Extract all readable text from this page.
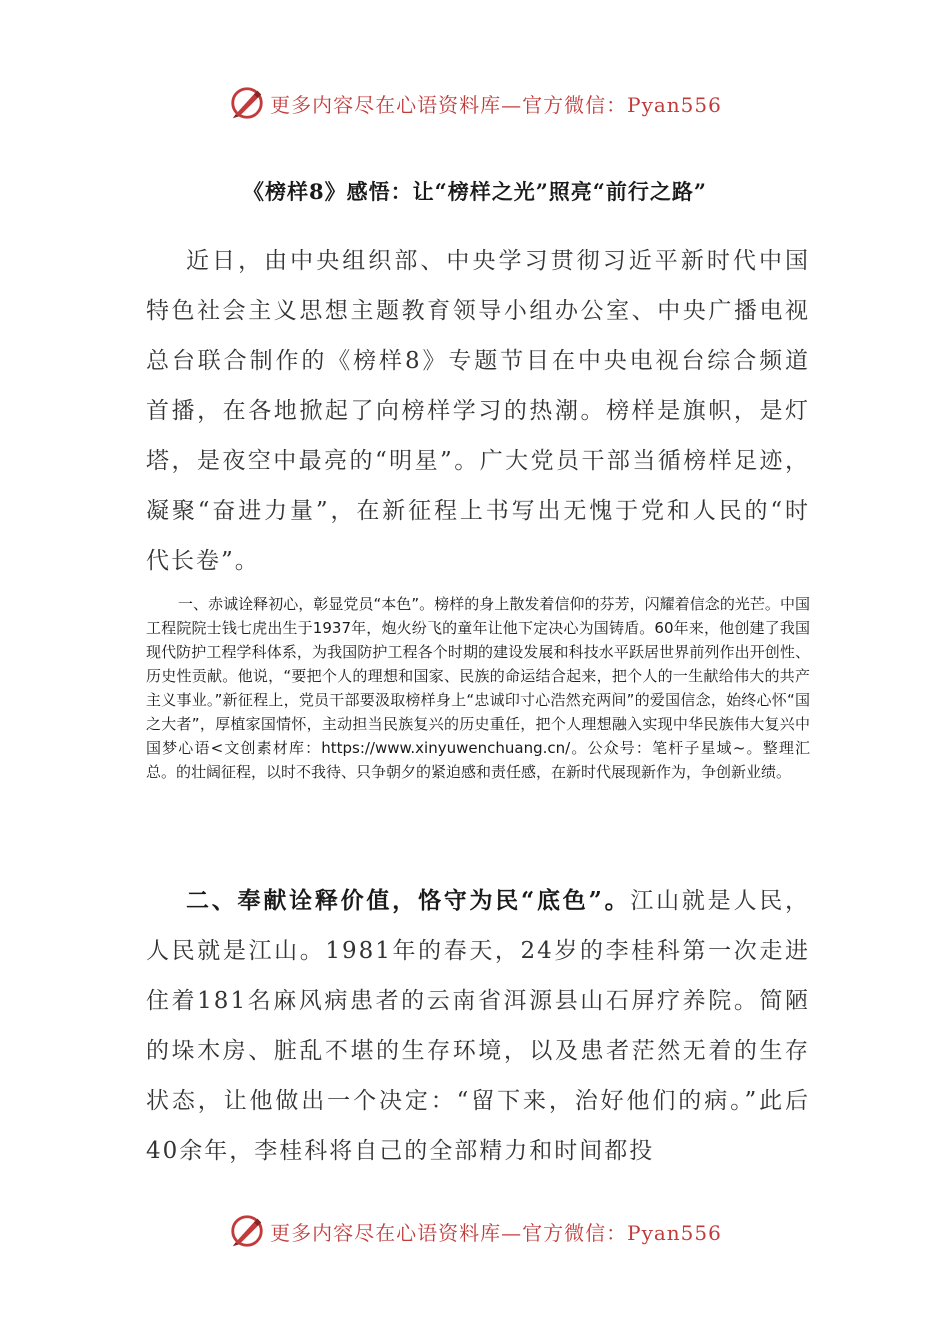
更多内容尽在心语资料库—官方微信：Pyan556
《榜样8》感悟：让“榜样之光”照亮“前行之路”

近日，由中央组织部、中央学习贯彻习近平新时代中国特色社会主义思想主题教育领导小组办公室、中央广播电视总台联合制作的《榜样8》专题节目在中央电视台综合频道首播，在各地掀起了向榜样学习的热潮。榜样是旗帜，是灯塔，是夜空中最亮的“明星”。广大党员干部当循榜样足迹，凝聚“奋进力量”，在新征程上书写出无愧于党和人民的“时代长卷”。

一、赤诚诠释初心，彰显党员“本色”。榜样的身上散发着信仰的芬芳，闪耀着信念的光芒。中国工程院院士钱七虎出生于1937年，炮火纷飞的童年让他下定决心为国铸盾。60年来，他创建了我国现代防护工程学科体系，为我国防护工程各个时期的建设发展和科技水平跃居世界前列作出开创性、历史性贡献。他说，“要把个人的理想和国家、民族的命运结合起来，把个人的一生献给伟大的共产主义事业。”新征程上，党员干部要汲取榜样身上“忠诚印寸心浩然充两间”的爱国信念，始终心怀“国之大者”，厚植家国情怀，主动担当民族复兴的历史重任，把个人理想融入实现中华民族伟大复兴中国梦心语<文创素材库：https://www.xinyuwenchuang.cn/。公众号：笔杆子星域~。整理汇总。的壮阔征程，以时不我待、只争朝夕的紧迫感和责任感，在新时代展现新作为，争创新业绩。

二、奉献诠释价值，恪守为民“底色”。江山就是人民，人民就是江山。1981年的春天，24岁的李桂科第一次走进住着181名麻风病患者的云南省洱源县山石屏疗养院。简陋的垛木房、脏乱不堪的生存环境，以及患者茫然无着的生存状态，让他做出一个决定：“留下来，治好他们的病。”此后40余年，李桂科将自己的全部精力和时间都投

更多内容尽在心语资料库—官方微信：Pyan556
